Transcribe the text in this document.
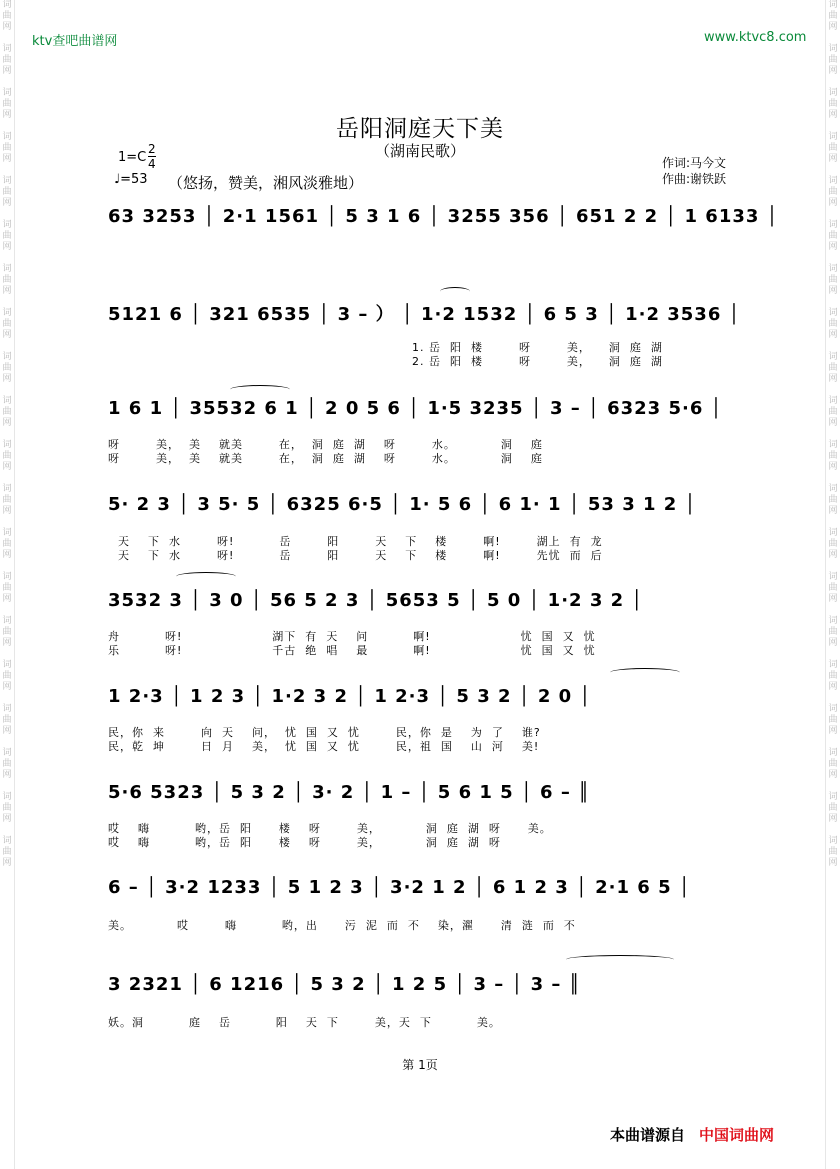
词
曲
网

词
曲
网

词
曲
网

词
曲
网

词
曲
网

词
曲
网

词
曲
网

词
曲
网

词
曲
网

词
曲
网

词
曲
网

词
曲
网

词
曲
网

词
曲
网

词
曲
网

词
曲
网

词
曲
网

词
曲
网

词
曲
网

词
曲
网
词
曲
网

词
曲
网

词
曲
网

词
曲
网

词
曲
网

词
曲
网

词
曲
网

词
曲
网

词
曲
网

词
曲
网

词
曲
网

词
曲
网

词
曲
网

词
曲
网

词
曲
网

词
曲
网

词
曲
网

词
曲
网

词
曲
网

词
曲
网
ktv查吧曲谱网	www.ktvc8.com
岳阳洞庭天下美
（湖南民歌）
$1=C \frac{2}{4}$
♩=53 （悠扬，赞美，湘风淡雅地）
作词:马今文
作曲:谢铁跃
63 3253 │ 2·1 1561 │ 5 3 1 6 │ 3255 356 │ 651 2 2 │ 1 6133 │
5121 6 │ 321 6535 │ 3 – ） │ 1·2 1532 │ 6 5 3 │ 1·2 3536 │
1. 岳  阳  楼        呀        美，    洞  庭  湖
2. 岳  阳  楼        呀        美，    洞  庭  湖
1 6 1 │ 35532 6 1 │ 2 0 5 6 │ 1·5 3235 │ 3 – │ 6323 5·6 │
呀        美，  美    就美        在，  洞  庭  湖    呀        水。          洞    庭
呀        美，  美    就美        在，  洞  庭  湖    呀        水。          洞    庭
5· 2 3 │ 3 5· 5 │ 6325 6·5 │ 1· 5 6 │ 6 1· 1 │ 53 3 1 2 │
天    下  水        呀!          岳        阳        天    下    楼        啊!        湖上  有  龙
天    下  水        呀!          岳        阳        天    下    楼        啊!        先忧  而  后
3532 3 │ 3 0 │ 56 5 2 3 │ 5653 5 │ 5 0 │ 1·2 3 2 │
舟          呀!                    湖下  有  天    问          啊!                    忧  国  又  忧
乐          呀!                    千古  绝  唱    最          啊!                    忧  国  又  忧
1 2·3 │ 1 2 3 │ 1·2 3 2 │ 1 2·3 │ 5 3 2 │ 2 0 │
民，你  来        向  天    问，  忧  国  又  忧        民，你  是    为  了    谁?
民，乾  坤        日  月    美，  忧  国  又  忧        民，祖  国    山  河    美!
5·6 5323 │ 5 3 2 │ 3· 2 │ 1 – │ 5 6 1 5 │ 6 – ║
哎    嗨          哟，岳  阳      楼    呀        美，          洞  庭  湖  呀      美。
哎    嗨          哟，岳  阳      楼    呀        美，          洞  庭  湖  呀
6 – │ 3·2 1233 │ 5 1 2 3 │ 3·2 1 2 │ 6 1 2 3 │ 2·1 6 5 │
美。          哎        嗨          哟，出      污  泥  而  不    染，濯      清  涟  而  不
3 2321 │ 6 1216 │ 5 3 2 │ 1 2 5 │ 3 – │ 3 – ║
妖。洞          庭    岳          阳    天  下        美，天  下          美。
第 1页
本曲谱源自 中国词曲网
